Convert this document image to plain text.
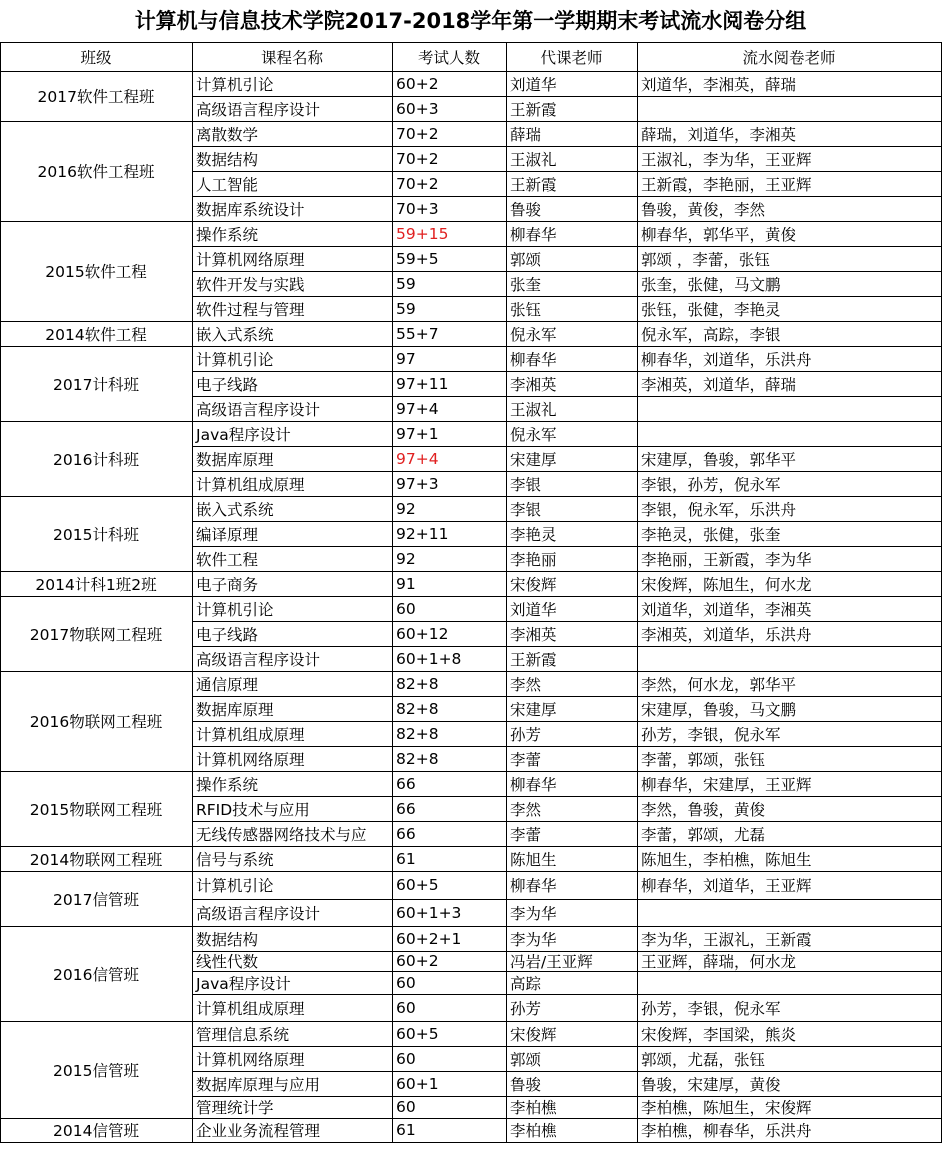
计算机与信息技术学院2017-2018学年第一学期期末考试流水阅卷分组
班级	课程名称	考试人数	代课老师	流水阅卷老师
2017软件工程班
计算机引论	60+2	刘道华	刘道华，李湘英，薛瑞
高级语言程序设计	60+3	王新霞
2016软件工程班
离散数学	70+2	薛瑞	薛瑞，刘道华，李湘英
数据结构	70+2	王淑礼	王淑礼，李为华，王亚辉
人工智能	70+2	王新霞	王新霞，李艳丽，王亚辉
数据库系统设计	70+3	鲁骏	鲁骏，黄俊，李然
2015软件工程
操作系统	59+15	柳春华	柳春华，郭华平，黄俊
计算机网络原理	59+5	郭颂	郭颂 ，李蕾，张钰
软件开发与实践	59	张奎	张奎，张健，马文鹏
软件过程与管理	59	张钰	张钰，张健，李艳灵
2014软件工程	嵌入式系统	55+7	倪永军	倪永军，高踪，李银
2017计科班
计算机引论	97	柳春华	柳春华，刘道华，乐洪舟
电子线路	97+11	李湘英	李湘英，刘道华，薛瑞
高级语言程序设计	97+4	王淑礼
2016计科班
Java程序设计	97+1	倪永军
数据库原理	97+4	宋建厚	宋建厚，鲁骏，郭华平
计算机组成原理	97+3	李银	李银，孙芳，倪永军
2015计科班
嵌入式系统	92	李银	李银，倪永军，乐洪舟
编译原理	92+11	李艳灵	李艳灵，张健，张奎
软件工程	92	李艳丽	李艳丽，王新霞，李为华
2014计科1班2班	电子商务	91	宋俊辉	宋俊辉，陈旭生，何水龙
2017物联网工程班
计算机引论	60	刘道华	刘道华，刘道华，李湘英
电子线路	60+12	李湘英	李湘英，刘道华，乐洪舟
高级语言程序设计	60+1+8	王新霞
2016物联网工程班
通信原理	82+8	李然	李然，何水龙，郭华平
数据库原理	82+8	宋建厚	宋建厚，鲁骏，马文鹏
计算机组成原理	82+8	孙芳	孙芳，李银，倪永军
计算机网络原理	82+8	李蕾	李蕾，郭颂，张钰
2015物联网工程班
操作系统	66	柳春华	柳春华，宋建厚，王亚辉
RFID技术与应用	66	李然	李然，鲁骏，黄俊
无线传感器网络技术与应	66	李蕾	李蕾，郭颂，尤磊
2014物联网工程班	信号与系统	61	陈旭生	陈旭生，李柏樵，陈旭生
2017信管班
计算机引论	60+5	柳春华	柳春华，刘道华，王亚辉
高级语言程序设计	60+1+3	李为华
2016信管班
数据结构	60+2+1	李为华	李为华，王淑礼，王新霞
线性代数	60+2	冯岩/王亚辉	王亚辉，薛瑞，何水龙
Java程序设计	60	高踪
计算机组成原理	60	孙芳	孙芳，李银，倪永军
2015信管班
管理信息系统	60+5	宋俊辉	宋俊辉，李国梁，熊炎
计算机网络原理	60	郭颂	郭颂，尤磊，张钰
数据库原理与应用	60+1	鲁骏	鲁骏，宋建厚，黄俊
管理统计学	60	李柏樵	李柏樵，陈旭生，宋俊辉
2014信管班	企业业务流程管理	61	李柏樵	李柏樵，柳春华，乐洪舟
